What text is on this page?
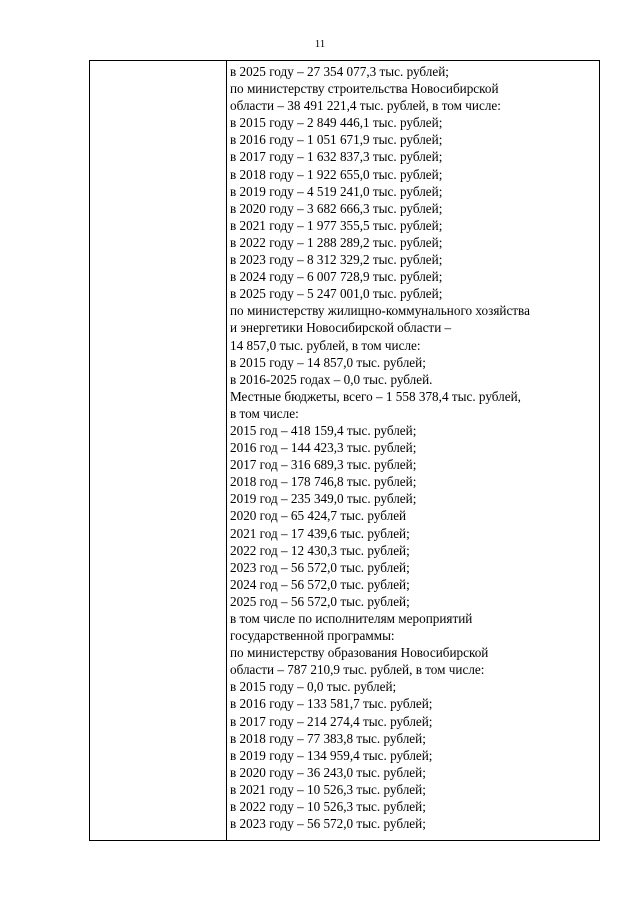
11
в 2025 году – 27 354 077,3 тыс. рублей;
по министерству строительства Новосибирской
области – 38 491 221,4 тыс. рублей, в том числе:
в 2015 году – 2 849 446,1 тыс. рублей;
в 2016 году – 1 051 671,9 тыс. рублей;
в 2017 году – 1 632 837,3 тыс. рублей;
в 2018 году – 1 922 655,0 тыс. рублей;
в 2019 году – 4 519 241,0 тыс. рублей;
в 2020 году – 3 682 666,3 тыс. рублей;
в 2021 году – 1 977 355,5 тыс. рублей;
в 2022 году – 1 288 289,2 тыс. рублей;
в 2023 году – 8 312 329,2 тыс. рублей;
в 2024 году – 6 007 728,9 тыс. рублей;
в 2025 году – 5 247 001,0 тыс. рублей;
по министерству жилищно-коммунального хозяйства
и энергетики Новосибирской области –
14 857,0 тыс. рублей, в том числе:
в 2015 году – 14 857,0 тыс. рублей;
в 2016-2025 годах – 0,0 тыс. рублей.
Местные бюджеты, всего – 1 558 378,4 тыс. рублей,
в том числе:
2015 год – 418 159,4 тыс. рублей;
2016 год – 144 423,3 тыс. рублей;
2017 год – 316 689,3 тыс. рублей;
2018 год – 178 746,8 тыс. рублей;
2019 год – 235 349,0 тыс. рублей;
2020 год – 65 424,7 тыс. рублей
2021 год – 17 439,6 тыс. рублей;
2022 год – 12 430,3 тыс. рублей;
2023 год – 56 572,0 тыс. рублей;
2024 год – 56 572,0 тыс. рублей;
2025 год – 56 572,0 тыс. рублей;
в том числе по исполнителям мероприятий
государственной программы:
по министерству образования Новосибирской
области – 787 210,9 тыс. рублей, в том числе:
в 2015 году – 0,0 тыс. рублей;
в 2016 году – 133 581,7 тыс. рублей;
в 2017 году – 214 274,4 тыс. рублей;
в 2018 году – 77 383,8 тыс. рублей;
в 2019 году – 134 959,4 тыс. рублей;
в 2020 году – 36 243,0 тыс. рублей;
в 2021 году – 10 526,3 тыс. рублей;
в 2022 году – 10 526,3 тыс. рублей;
в 2023 году – 56 572,0 тыс. рублей;
